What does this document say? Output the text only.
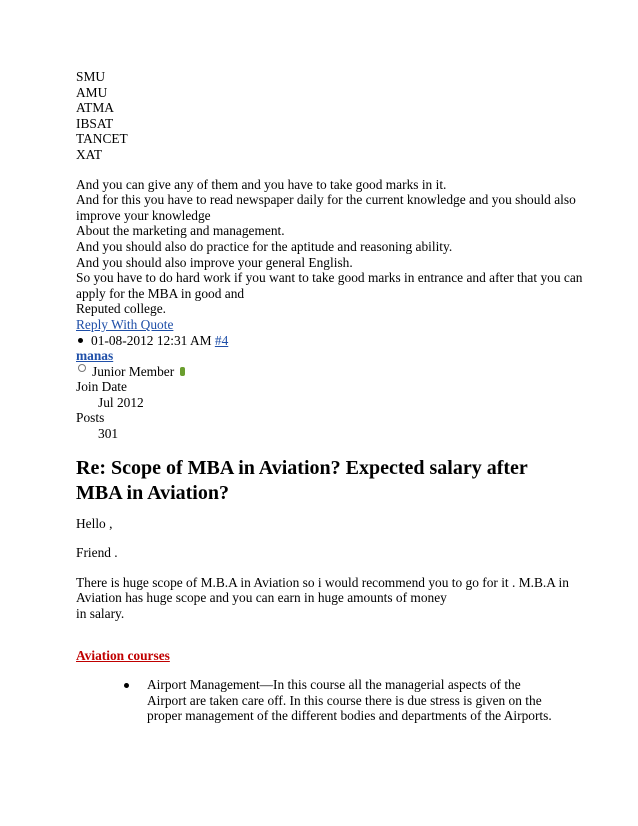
SMU
AMU
ATMA
IBSAT
TANCET
XAT
And you can give any of them and you have to take good marks in it.
And for this you have to read newspaper daily for the current knowledge and you should also
improve your knowledge
About the marketing and management.
And you should also do practice for the aptitude and reasoning ability.
And you should also improve your general English.
So you have to do hard work if you want to take good marks in entrance and after that you can
apply for the MBA in good and
Reputed college.
Reply With Quote
01-08-2012 12:31 AM
#4
manas
Junior Member
Join Date
Jul 2012
Posts
301
Re: Scope of MBA in Aviation? Expected salary after MBA in Aviation?

Hello ,

Friend .

There is huge scope of M.B.A in Aviation so i would recommend you to go for it . M.B.A in
Aviation has huge scope and you can earn in huge amounts of money
in salary.
Aviation courses
Airport Management—In this course all the managerial aspects of the Airport are taken care off. In this course there is due stress is given on the proper management of the different bodies and departments of the Airports.
